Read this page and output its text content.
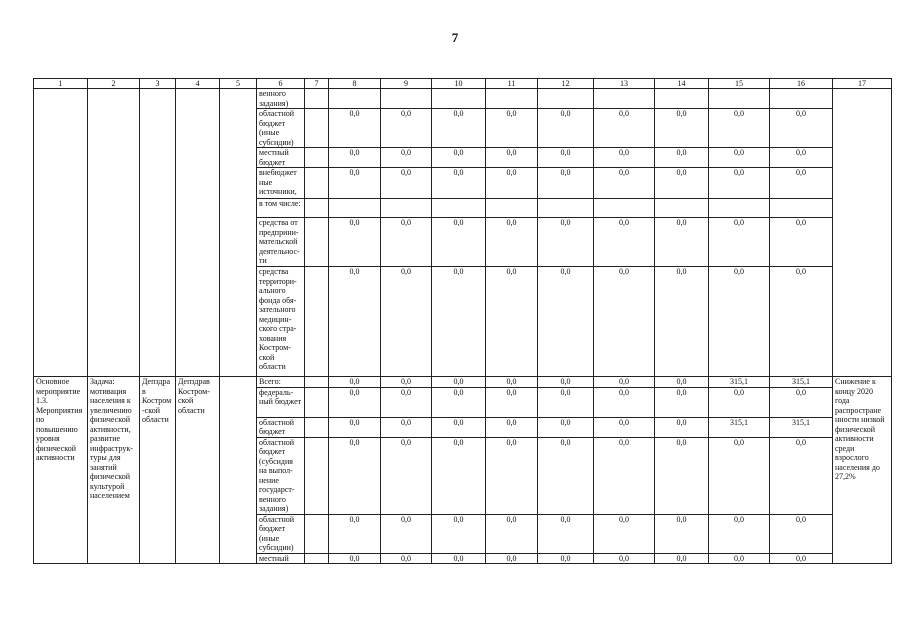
7
1	2	3	4	5	6	7	8	9	10	11	12	13	14	15	16	17
					венного задания)											
					областной бюджет (иные субсидии)		0,0	0,0	0,0	0,0	0,0	0,0	0,0	0,0	0,0	
					местный бюджет		0,0	0,0	0,0	0,0	0,0	0,0	0,0	0,0	0,0	
					внебюджет ные источники,		0,0	0,0	0,0	0,0	0,0	0,0	0,0	0,0	0,0	
					в том числе:											
					средства от предприни-мательской деятельнос-ти		0,0	0,0	0,0	0,0	0,0	0,0	0,0	0,0	0,0	
					средства территори-ального фонда обя-зательного медицин-ского стра-хования Костром-ской области		0,0	0,0	0,0	0,0	0,0	0,0	0,0	0,0	0,0	
Основное мероприятие 1.3. Мероприятия по повышению уровня физической активности	Задача: мотивация населения к увеличению физической активности, развитие инфраструк-туры для занятий физической культурой населением	Депздрав Костром-ской области	Депздрав Костром-ской области		Всего:		0,0	0,0	0,0	0,0	0,0	0,0	0,0	315,1	315,1	Снижение к концу 2020 года распростране нности низкой физической активности среди взрослого населения до 27,2%
					федераль-ный бюджет		0,0	0,0	0,0	0,0	0,0	0,0	0,0	0,0	0,0	
					областной бюджет		0,0	0,0	0,0	0,0	0,0	0,0	0,0	315,1	315,1	
					областной бюджет (субсидия на выпол-нение государст-венного задания)		0,0	0,0	0,0	0,0	0,0	0,0	0,0	0,0	0,0	
					областной бюджет (иные субсидии)		0,0	0,0	0,0	0,0	0,0	0,0	0,0	0,0	0,0	
					местный		0,0	0,0	0,0	0,0	0,0	0,0	0,0	0,0	0,0	
